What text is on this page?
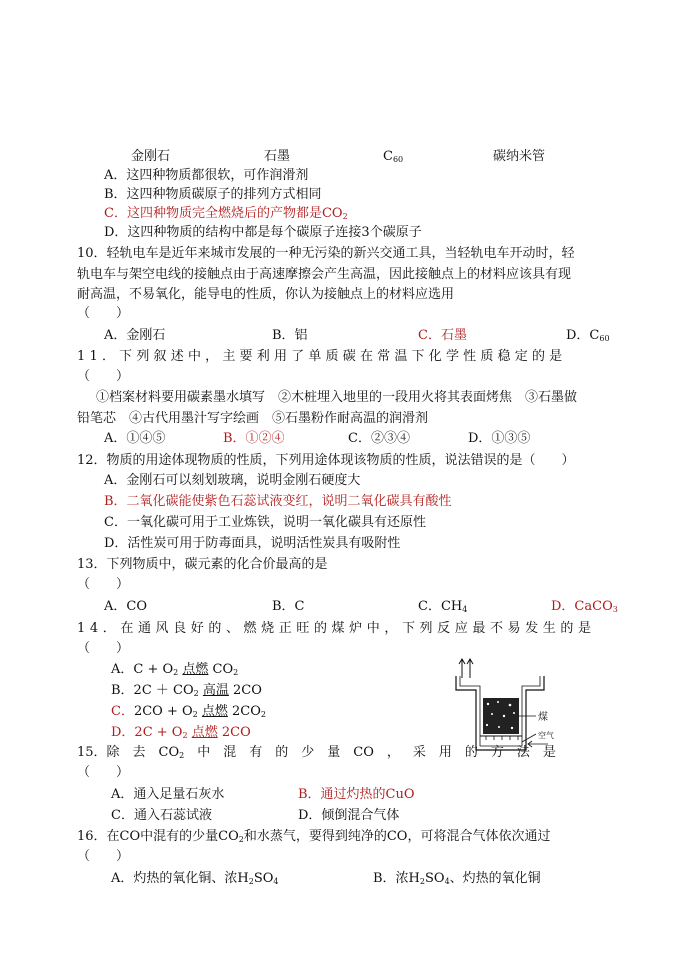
金刚石	石墨	$C_{60}$	碳纳米管
A．这四种物质都很软，可作润滑剂
B．这四种物质碳原子的排列方式相同
C．这四种物质完全燃烧后的产物都是$CO_2$
D．这四种物质的结构中都是每个碳原子连接3个碳原子
10．轻轨电车是近年来城市发展的一种无污染的新兴交通工具，当轻轨电车开动时，轻
轨电车与架空电线的接触点由于高速摩擦会产生高温，因此接触点上的材料应该具有现
耐高温，不易氧化，能导电的性质，你认为接触点上的材料应选用
（　　）
A．金刚石	B．铝	C．石墨	D．$C_{60}$
11．下列叙述中，主要利用了单质碳在常温下化学性质稳定的是
（　　）
①档案材料要用碳素墨水填写　②木桩埋入地里的一段用火将其表面烤焦　③石墨做
铅笔芯　④古代用墨汁写字绘画　⑤石墨粉作耐高温的润滑剂
A．①④⑤	B．①②④	C．②③④	D．①③⑤
12．物质的用途体现物质的性质，下列用途体现该物质的性质，说法错误的是（　　）
A．金刚石可以刻划玻璃，说明金刚石硬度大
B．二氧化碳能使紫色石蕊试液变红，说明二氧化碳具有酸性
C．一氧化碳可用于工业炼铁，说明一氧化碳具有还原性
D．活性炭可用于防毒面具，说明活性炭具有吸附性
13．下列物质中，碳元素的化合价最高的是
（　　）
A．CO	B．C	C．$CH_4$	D．CaCO$_3$
14．在通风良好的、燃烧正旺的煤炉中，下列反应最不易发生的是
（　　）
A．$C + O_2$ 点燃 $CO_2$
B．$2C + CO_2$ 高温 2CO
C．$2CO + O_2$ 点燃 $2CO_2$
D．$2C + O_2$ 点燃 2CO
煤
空气
15．除 去 $CO_2$ 中 混 有 的 少 量 CO ， 采 用 的 方 法 是
（　　）
A．通入足量石灰水	B．通过灼热的CuO
C．通入石蕊试液	D．倾倒混合气体
16．在CO中混有的少量$CO_2$和水蒸气，要得到纯净的CO，可将混合气体依次通过
（　　）
A．灼热的氧化铜、浓$H_2SO_4$	B．浓$H_2SO_4$、灼热的氧化铜
